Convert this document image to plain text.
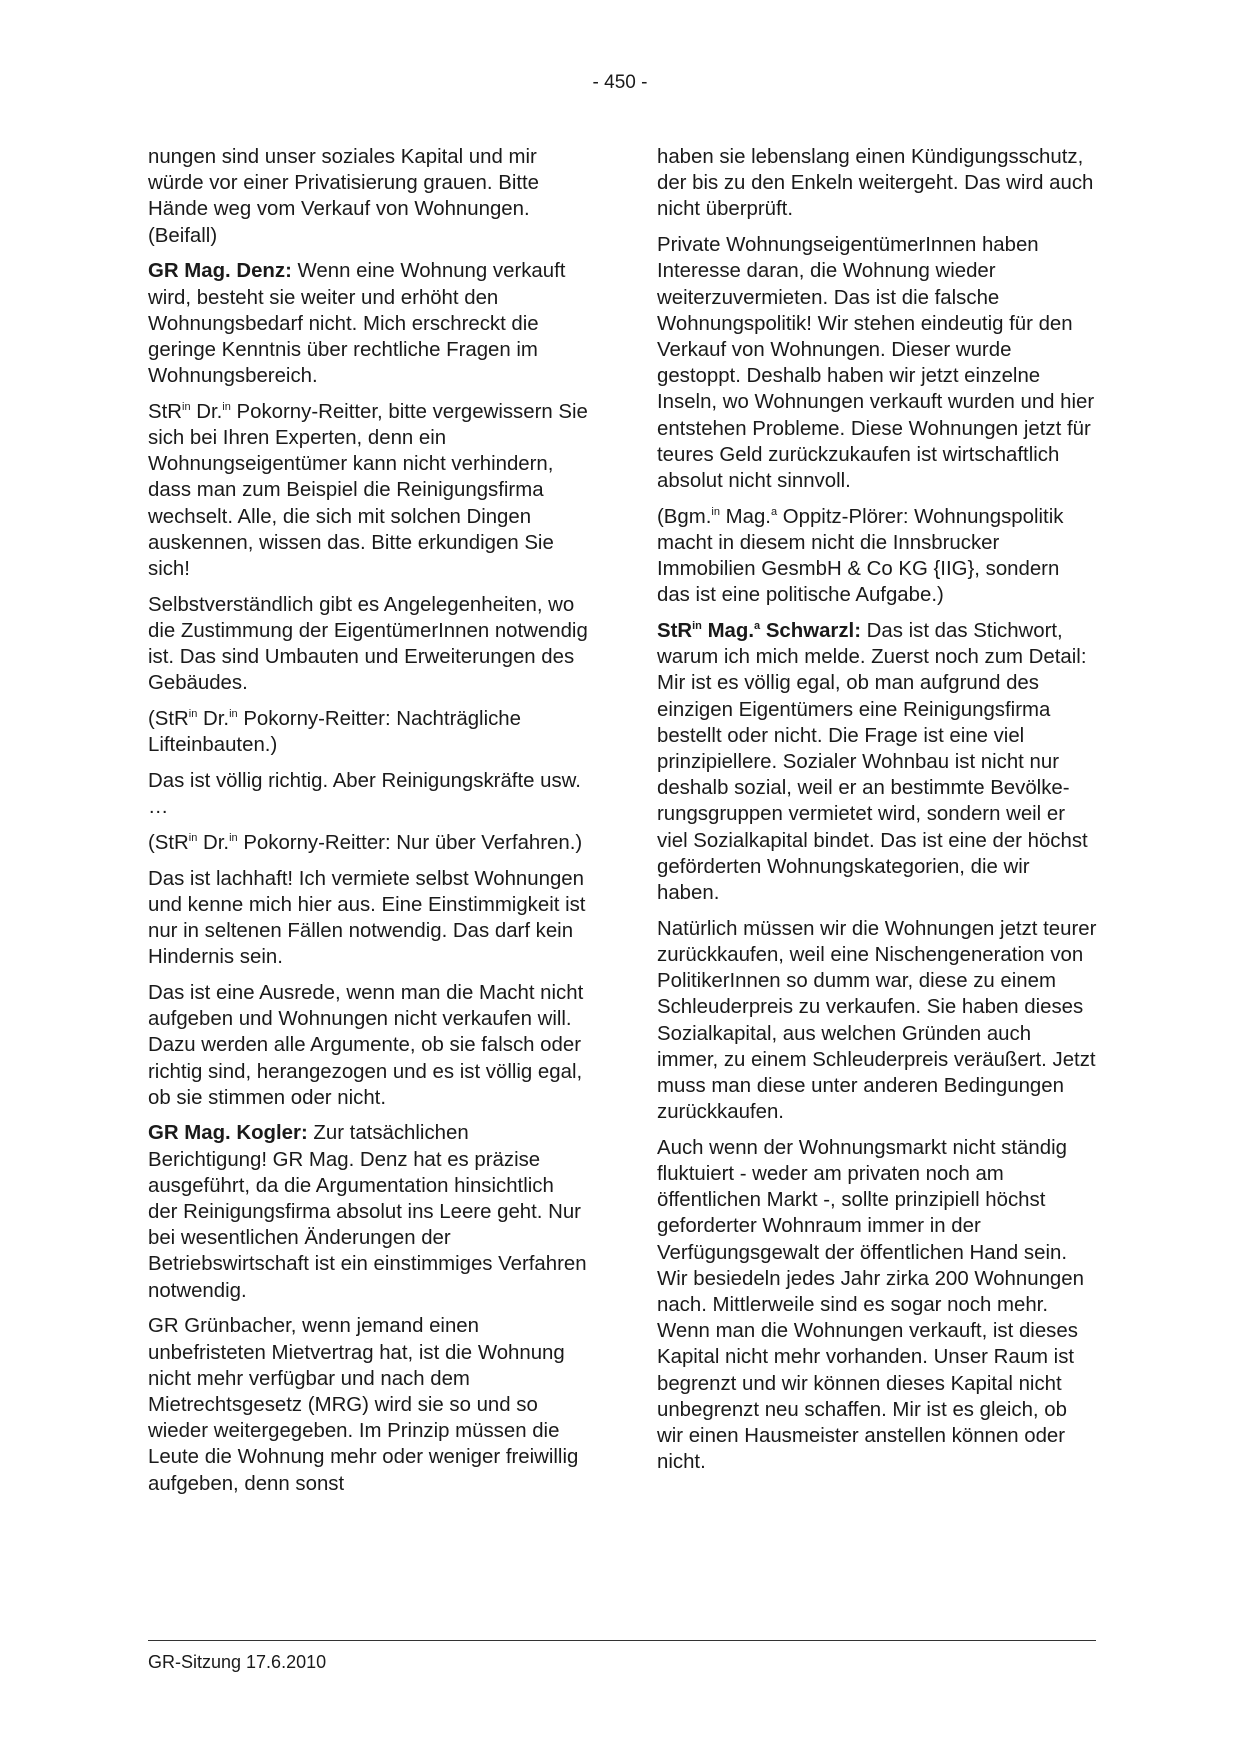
- 450 -

nungen sind unser soziales Kapital und mir würde vor einer Privatisierung grauen. Bitte Hände weg vom Verkauf von Wohnungen. (Beifall)

GR Mag. Denz: Wenn eine Wohnung verkauft wird, besteht sie weiter und erhöht den Wohnungsbedarf nicht. Mich erschreckt die geringe Kenntnis über rechtliche Fragen im Wohnungsbereich.

StR$^{in}$ Dr.$^{in}$ Pokorny-Reitter, bitte vergewissern Sie sich bei Ihren Experten, denn ein Wohnungseigentümer kann nicht verhindern, dass man zum Beispiel die Reinigungsfirma wechselt. Alle, die sich mit solchen Dingen auskennen, wissen das. Bitte erkundigen Sie sich!

Selbstverständlich gibt es Angelegenheiten, wo die Zustimmung der EigentümerInnen notwendig ist. Das sind Umbauten und Erweiterungen des Gebäudes.

(StR$^{in}$ Dr.$^{in}$ Pokorny-Reitter: Nachträgliche Lifteinbauten.)

Das ist völlig richtig. Aber Reinigungskräfte usw. …

(StR$^{in}$ Dr.$^{in}$ Pokorny-Reitter: Nur über Verfahren.)

Das ist lachhaft! Ich vermiete selbst Wohnungen und kenne mich hier aus. Eine Einstimmigkeit ist nur in seltenen Fällen notwendig. Das darf kein Hindernis sein.

Das ist eine Ausrede, wenn man die Macht nicht aufgeben und Wohnungen nicht verkaufen will. Dazu werden alle Argumente, ob sie falsch oder richtig sind, herangezogen und es ist völlig egal, ob sie stimmen oder nicht.

GR Mag. Kogler: Zur tatsächlichen Berichtigung! GR Mag. Denz hat es präzise ausgeführt, da die Argumentation hinsichtlich der Reinigungsfirma absolut ins Leere geht. Nur bei wesentlichen Änderungen der Betriebswirtschaft ist ein einstimmiges Verfahren notwendig.

GR Grünbacher, wenn jemand einen unbefristeten Mietvertrag hat, ist die Wohnung nicht mehr verfügbar und nach dem Mietrechtsgesetz (MRG) wird sie so und so wieder weitergegeben. Im Prinzip müssen die Leute die Wohnung mehr oder weniger freiwillig aufgeben, denn sonst

haben sie lebenslang einen Kündigungsschutz, der bis zu den Enkeln weitergeht. Das wird auch nicht überprüft.

Private WohnungseigentümerInnen haben Interesse daran, die Wohnung wieder weiterzuvermieten. Das ist die falsche Wohnungspolitik! Wir stehen eindeutig für den Verkauf von Wohnungen. Dieser wurde gestoppt. Deshalb haben wir jetzt einzelne Inseln, wo Wohnungen verkauft wurden und hier entstehen Probleme. Diese Wohnungen jetzt für teures Geld zurückzukaufen ist wirtschaftlich absolut nicht sinnvoll.

(Bgm.$^{in}$ Mag.$^a$ Oppitz-Plörer: Wohnungspolitik macht in diesem nicht die Innsbrucker Immobilien GesmbH & Co KG {IIG}, sondern das ist eine politische Aufgabe.)

StR$^{in}$ Mag.$^a$ Schwarzl: Das ist das Stichwort, warum ich mich melde. Zuerst noch zum Detail: Mir ist es völlig egal, ob man aufgrund des einzigen Eigentümers eine Reinigungsfirma bestellt oder nicht. Die Frage ist eine viel prinzipiellere. Sozialer Wohnbau ist nicht nur deshalb sozial, weil er an bestimmte Bevölkerungsgruppen vermietet wird, sondern weil er viel Sozialkapital bindet. Das ist eine der höchst geförderten Wohnungskategorien, die wir haben.

Natürlich müssen wir die Wohnungen jetzt teurer zurückkaufen, weil eine Nischengeneration von PolitikerInnen so dumm war, diese zu einem Schleuderpreis zu verkaufen. Sie haben dieses Sozialkapital, aus welchen Gründen auch immer, zu einem Schleuderpreis veräußert. Jetzt muss man diese unter anderen Bedingungen zurückkaufen.

Auch wenn der Wohnungsmarkt nicht ständig fluktuiert - weder am privaten noch am öffentlichen Markt -, sollte prinzipiell höchst geforderter Wohnraum immer in der Verfügungsgewalt der öffentlichen Hand sein. Wir besiedeln jedes Jahr zirka 200 Wohnungen nach. Mittlerweile sind es sogar noch mehr. Wenn man die Wohnungen verkauft, ist dieses Kapital nicht mehr vorhanden. Unser Raum ist begrenzt und wir können dieses Kapital nicht unbegrenzt neu schaffen. Mir ist es gleich, ob wir einen Hausmeister anstellen können oder nicht.

GR-Sitzung 17.6.2010
